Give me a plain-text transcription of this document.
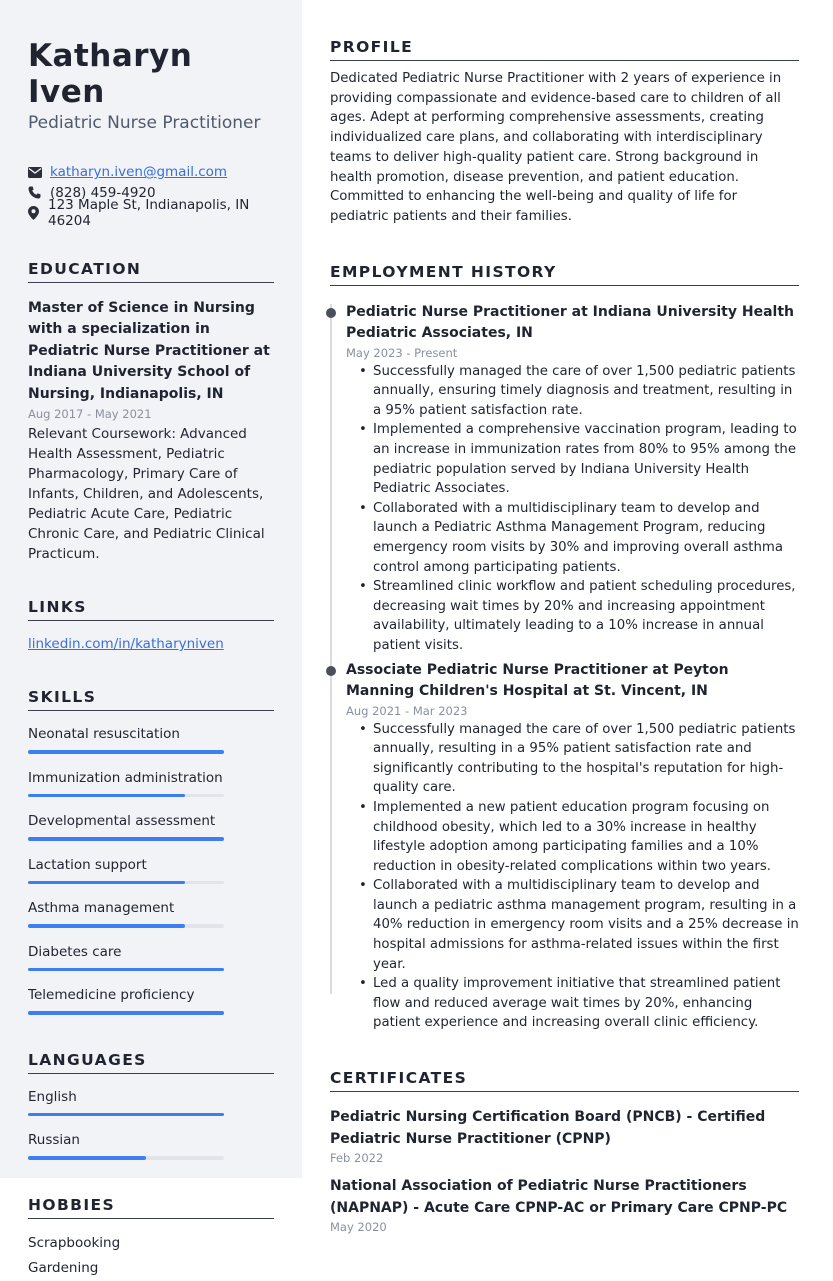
Katharyn Iven
Pediatric Nurse Practitioner
katharyn.iven@gmail.com
(828) 459-4920
123 Maple St, Indianapolis, IN 46204
EDUCATION
Master of Science in Nursing with a specialization in Pediatric Nurse Practitioner at Indiana University School of Nursing, Indianapolis, IN
Aug 2017 - May 2021
Relevant Coursework: Advanced Health Assessment, Pediatric Pharmacology, Primary Care of Infants, Children, and Adolescents, Pediatric Acute Care, Pediatric Chronic Care, and Pediatric Clinical Practicum.
LINKS
linkedin.com/in/katharyniven
SKILLS
Neonatal resuscitation
Immunization administration
Developmental assessment
Lactation support
Asthma management
Diabetes care
Telemedicine proficiency
LANGUAGES
English
Russian
HOBBIES
Scrapbooking
Gardening
PROFILE
Dedicated Pediatric Nurse Practitioner with 2 years of experience in providing compassionate and evidence-based care to children of all ages. Adept at performing comprehensive assessments, creating individualized care plans, and collaborating with interdisciplinary teams to deliver high-quality patient care. Strong background in health promotion, disease prevention, and patient education. Committed to enhancing the well-being and quality of life for pediatric patients and their families.
EMPLOYMENT HISTORY
Pediatric Nurse Practitioner at Indiana University Health Pediatric Associates, IN
May 2023 - Present
• Successfully managed the care of over 1,500 pediatric patients annually, ensuring timely diagnosis and treatment, resulting in a 95% patient satisfaction rate.
• Implemented a comprehensive vaccination program, leading to an increase in immunization rates from 80% to 95% among the pediatric population served by Indiana University Health Pediatric Associates.
• Collaborated with a multidisciplinary team to develop and launch a Pediatric Asthma Management Program, reducing emergency room visits by 30% and improving overall asthma control among participating patients.
• Streamlined clinic workflow and patient scheduling procedures, decreasing wait times by 20% and increasing appointment availability, ultimately leading to a 10% increase in annual patient visits.
Associate Pediatric Nurse Practitioner at Peyton Manning Children's Hospital at St. Vincent, IN
Aug 2021 - Mar 2023
• Successfully managed the care of over 1,500 pediatric patients annually, resulting in a 95% patient satisfaction rate and significantly contributing to the hospital's reputation for high-quality care.
• Implemented a new patient education program focusing on childhood obesity, which led to a 30% increase in healthy lifestyle adoption among participating families and a 10% reduction in obesity-related complications within two years.
• Collaborated with a multidisciplinary team to develop and launch a pediatric asthma management program, resulting in a 40% reduction in emergency room visits and a 25% decrease in hospital admissions for asthma-related issues within the first year.
• Led a quality improvement initiative that streamlined patient flow and reduced average wait times by 20%, enhancing patient experience and increasing overall clinic efficiency.
CERTIFICATES
Pediatric Nursing Certification Board (PNCB) - Certified Pediatric Nurse Practitioner (CPNP)
Feb 2022
National Association of Pediatric Nurse Practitioners (NAPNAP) - Acute Care CPNP-AC or Primary Care CPNP-PC
May 2020
